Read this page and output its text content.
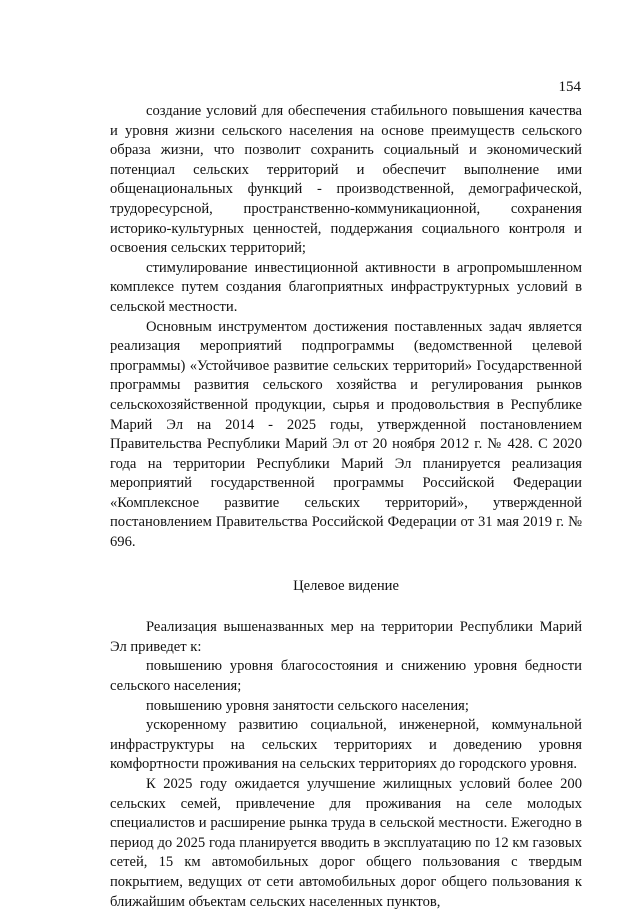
154

создание условий для обеспечения стабильного повышения качества и уровня жизни сельского населения на основе преимуществ сельского образа жизни, что позволит сохранить социальный и экономический потенциал сельских территорий и обеспечит выполнение ими общенациональных функций - производственной, демографической, трудоресурсной, пространственно-коммуникационной, сохранения историко-культурных ценностей, поддержания социального контроля и освоения сельских территорий;

стимулирование инвестиционной активности в агропромышленном комплексе путем создания благоприятных инфраструктурных условий в сельской местности.

Основным инструментом достижения поставленных задач является реализация мероприятий подпрограммы (ведомственной целевой программы) «Устойчивое развитие сельских территорий» Государственной программы развития сельского хозяйства и регулирования рынков сельскохозяйственной продукции, сырья и продовольствия в Республике Марий Эл на 2014 - 2025 годы, утвержденной постановлением Правительства Республики Марий Эл от 20 ноября 2012 г. № 428. С 2020 года на территории Республики Марий Эл планируется реализация мероприятий государственной программы Российской Федерации «Комплексное развитие сельских территорий», утвержденной постановлением Правительства Российской Федерации от 31 мая 2019 г. № 696.

Целевое видение

Реализация вышеназванных мер на территории Республики Марий Эл приведет к:

повышению уровня благосостояния и снижению уровня бедности сельского населения;

повышению уровня занятости сельского населения;

ускоренному развитию социальной, инженерной, коммунальной инфраструктуры на сельских территориях и доведению уровня комфортности проживания на сельских территориях до городского уровня.

К 2025 году ожидается улучшение жилищных условий более 200 сельских семей, привлечение для проживания на селе молодых специалистов и расширение рынка труда в сельской местности. Ежегодно в период до 2025 года планируется вводить в эксплуатацию по 12 км газовых сетей, 15 км автомобильных дорог общего пользования с твердым покрытием, ведущих от сети автомобильных дорог общего пользования к ближайшим объектам сельских населенных пунктов,
